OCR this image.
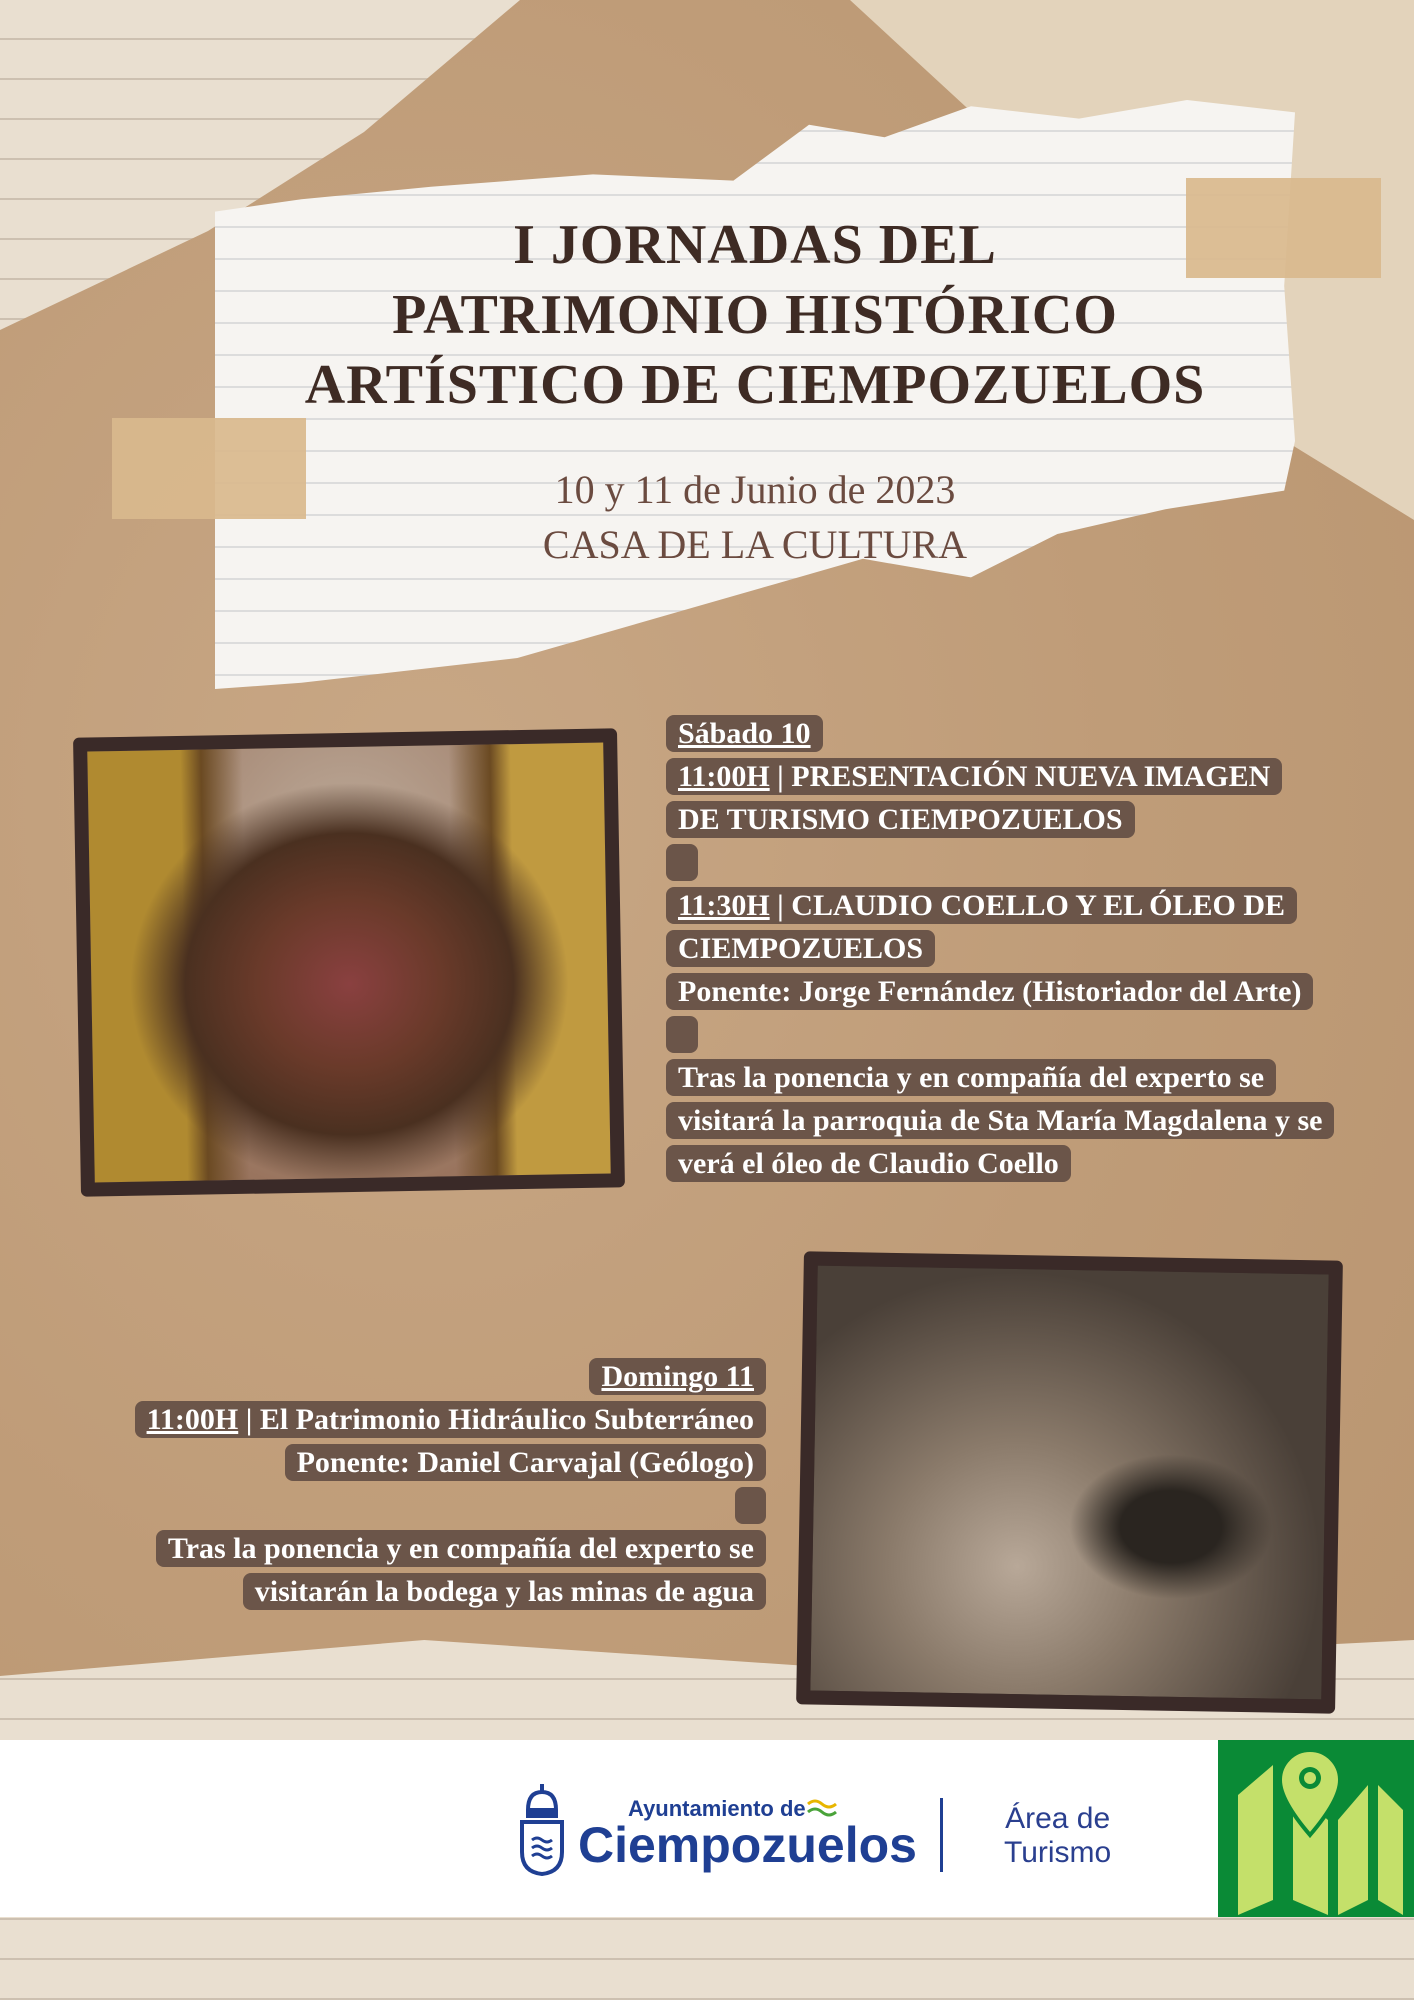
I JORNADAS DEL
PATRIMONIO HISTÓRICO
ARTÍSTICO DE CIEMPOZUELOS
10 y 11 de Junio de 2023
CASA DE LA CULTURA
Sábado 10
11:00H | PRESENTACIÓN NUEVA IMAGEN
DE TURISMO CIEMPOZUELOS

11:30H | CLAUDIO COELLO Y EL ÓLEO DE
CIEMPOZUELOS
Ponente: Jorge Fernández (Historiador del Arte)

Tras la ponencia y en compañía del experto se
visitará la parroquia de Sta María Magdalena y se
verá el óleo de Claudio Coello
Domingo 11
11:00H | El Patrimonio Hidráulico Subterráneo
Ponente: Daniel Carvajal (Geólogo)

Tras la ponencia y en compañía del experto se
visitarán la bodega y las minas de agua
Ayuntamiento de
Ciempozuelos	Área de
Turismo
